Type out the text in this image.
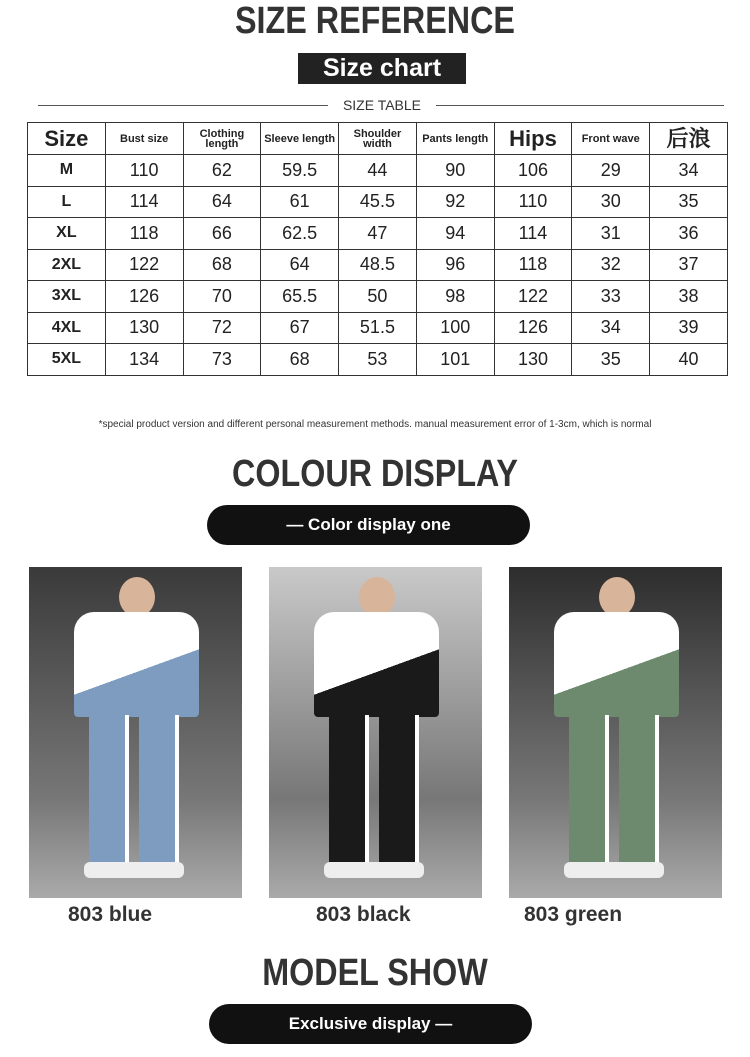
SIZE REFERENCE
Size chart
SIZE TABLE
Size	Bust size	Clothing length	Sleeve length	Shoulder width	Pants length	Hips	Front wave	后浪
M	110	62	59.5	44	90	106	29	34
L	114	64	61	45.5	92	110	30	35
XL	118	66	62.5	47	94	114	31	36
2XL	122	68	64	48.5	96	118	32	37
3XL	126	70	65.5	50	98	122	33	38
4XL	130	72	67	51.5	100	126	34	39
5XL	134	73	68	53	101	130	35	40
*special product version and different personal measurement methods. manual measurement error of 1-3cm, which is normal
COLOUR DISPLAY
— Color display one
803 blue	803 black	803 green
MODEL SHOW
Exclusive display —
